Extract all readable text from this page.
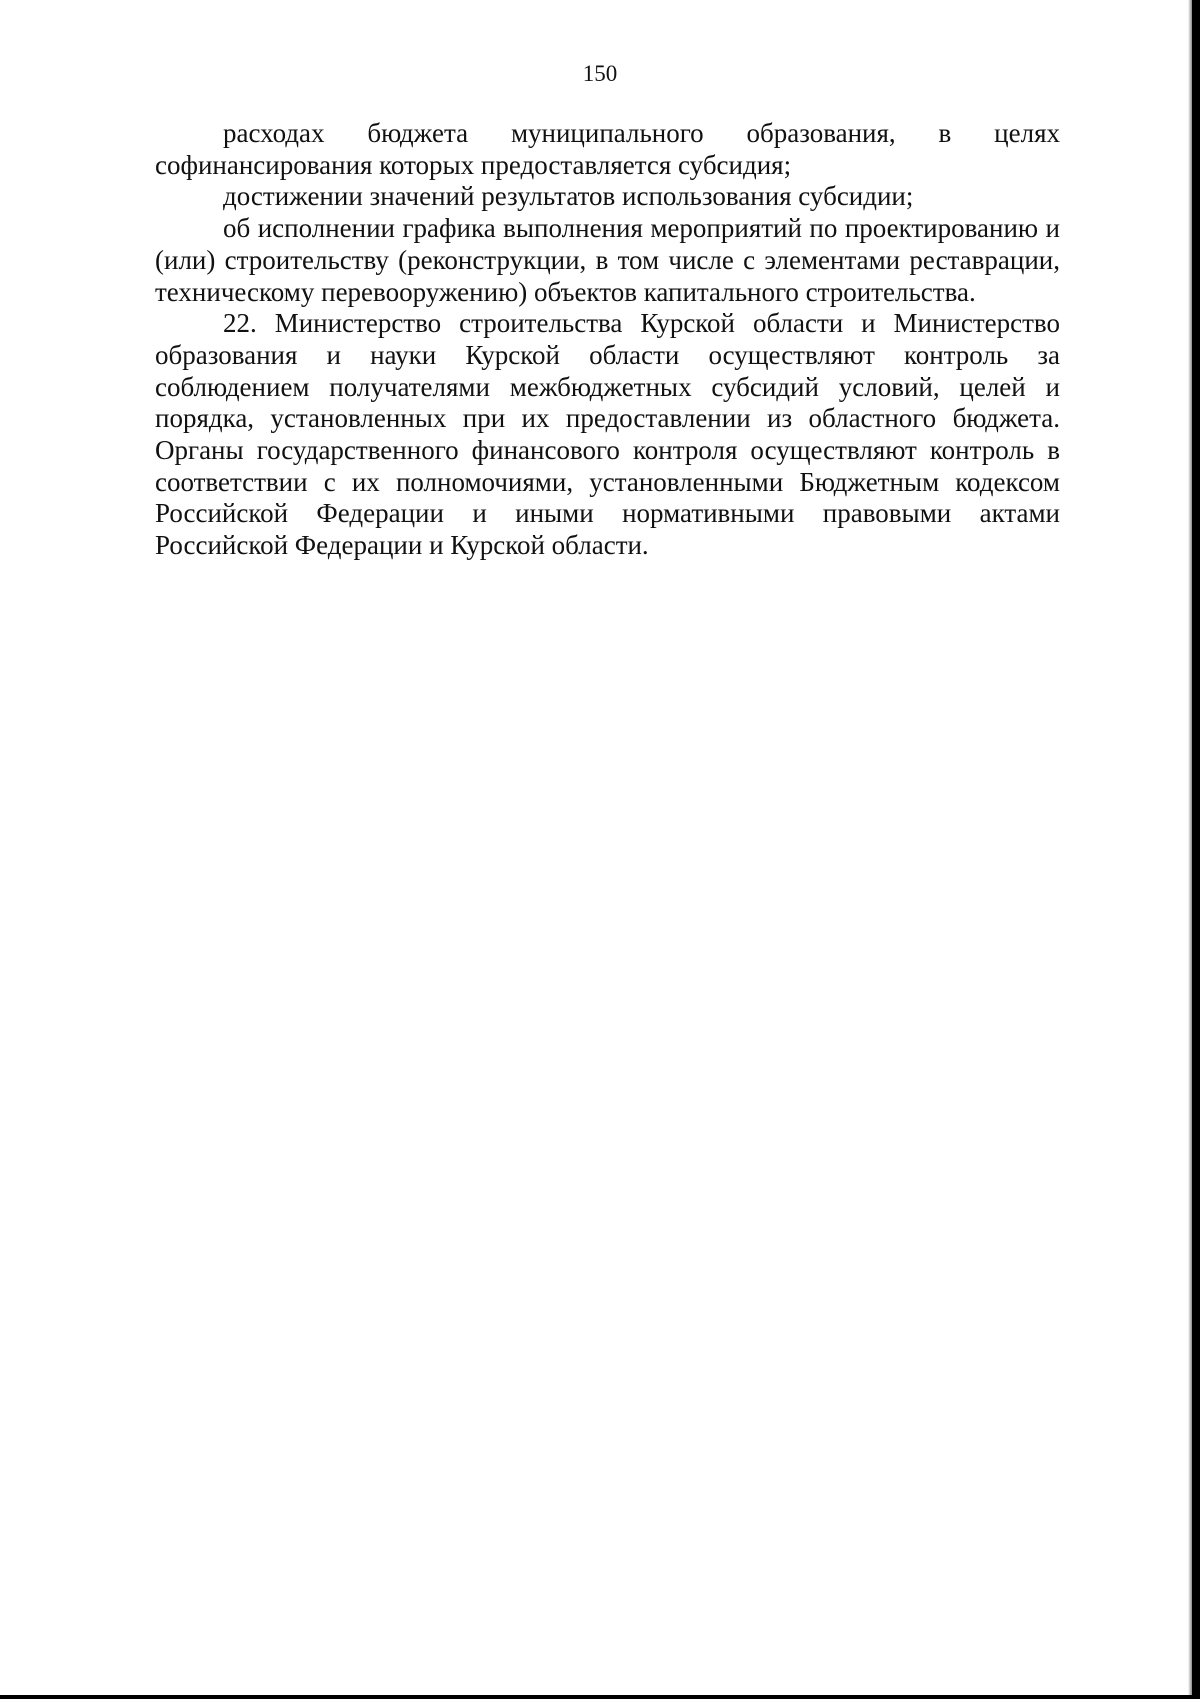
150

расходах бюджета муниципального образования, в целях софинансирования которых предоставляется субсидия;

достижении значений результатов использования субсидии;

об исполнении графика выполнения мероприятий по проектированию и (или) строительству (реконструкции, в том числе с элементами реставрации, техническому перевооружению) объектов капитального строительства.

22. Министерство строительства Курской области и Министерство образования и науки Курской области осуществляют контроль за соблюдением получателями межбюджетных субсидий условий, целей и порядка, установленных при их предоставлении из областного бюджета. Органы государственного финансового контроля осуществляют контроль в соответствии с их полномочиями, установленными Бюджетным кодексом Российской Федерации и иными нормативными правовыми актами Российской Федерации и Курской области.
